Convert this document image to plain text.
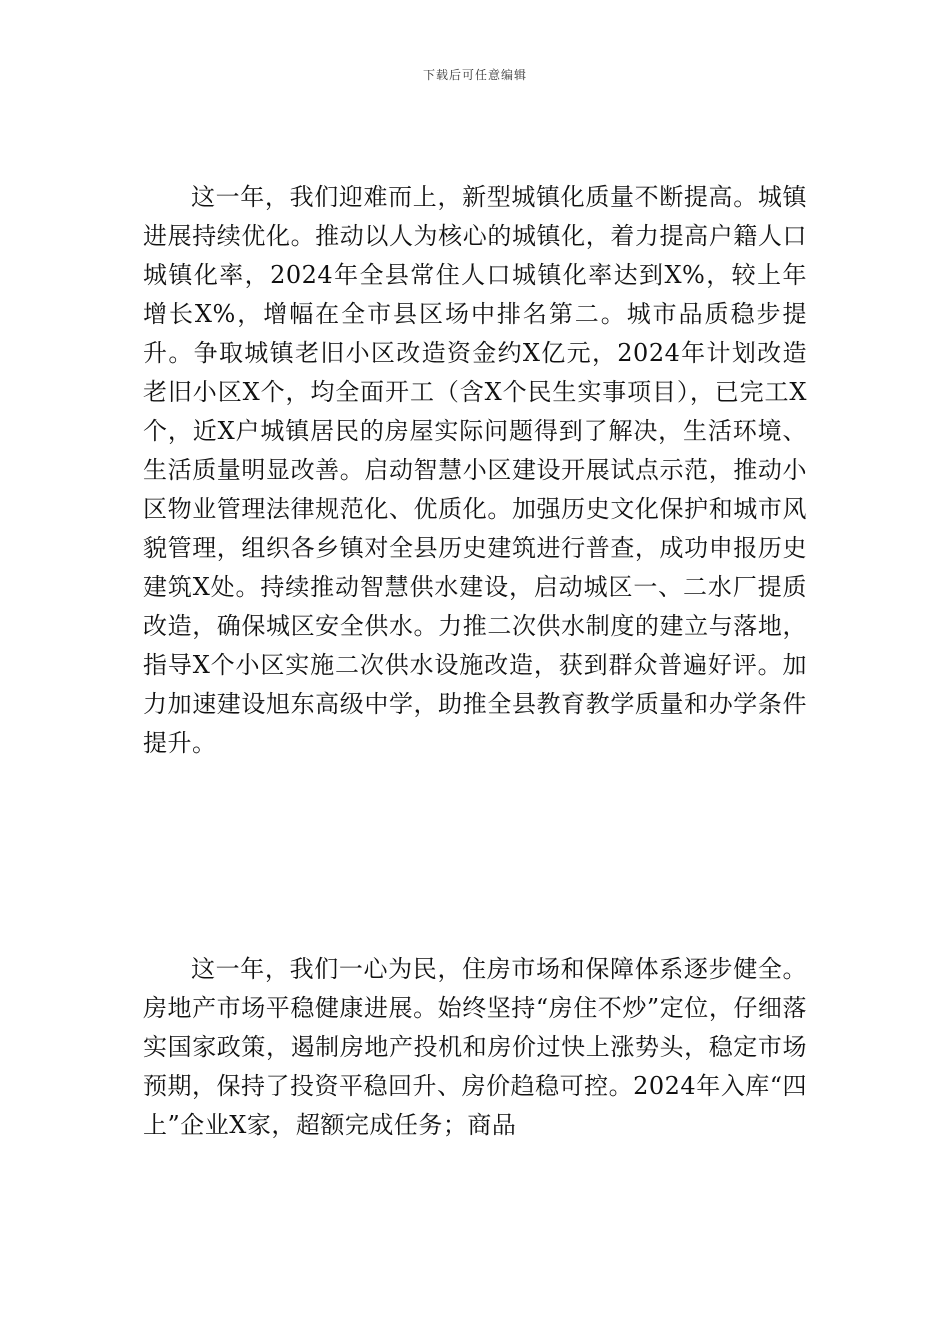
下载后可任意编辑

这一年，我们迎难而上，新型城镇化质量不断提高。城镇进展持续优化。推动以人为核心的城镇化，着力提高户籍人口城镇化率，2024年全县常住人口城镇化率达到X%，较上年增长X%，增幅在全市县区场中排名第二。城市品质稳步提升。争取城镇老旧小区改造资金约X亿元，2024年计划改造老旧小区X个，均全面开工（含X个民生实事项目），已完工X个，近X户城镇居民的房屋实际问题得到了解决，生活环境、生活质量明显改善。启动智慧小区建设开展试点示范，推动小区物业管理法律规范化、优质化。加强历史文化保护和城市风貌管理，组织各乡镇对全县历史建筑进行普查，成功申报历史建筑X处。持续推动智慧供水建设，启动城区一、二水厂提质改造，确保城区安全供水。力推二次供水制度的建立与落地，指导X个小区实施二次供水设施改造，获到群众普遍好评。加力加速建设旭东高级中学，助推全县教育教学质量和办学条件提升。

这一年，我们一心为民，住房市场和保障体系逐步健全。房地产市场平稳健康进展。始终坚持“房住不炒”定位，仔细落实国家政策，遏制房地产投机和房价过快上涨势头，稳定市场预期，保持了投资平稳回升、房价趋稳可控。2024年入库“四上”企业X家，超额完成任务；商品
